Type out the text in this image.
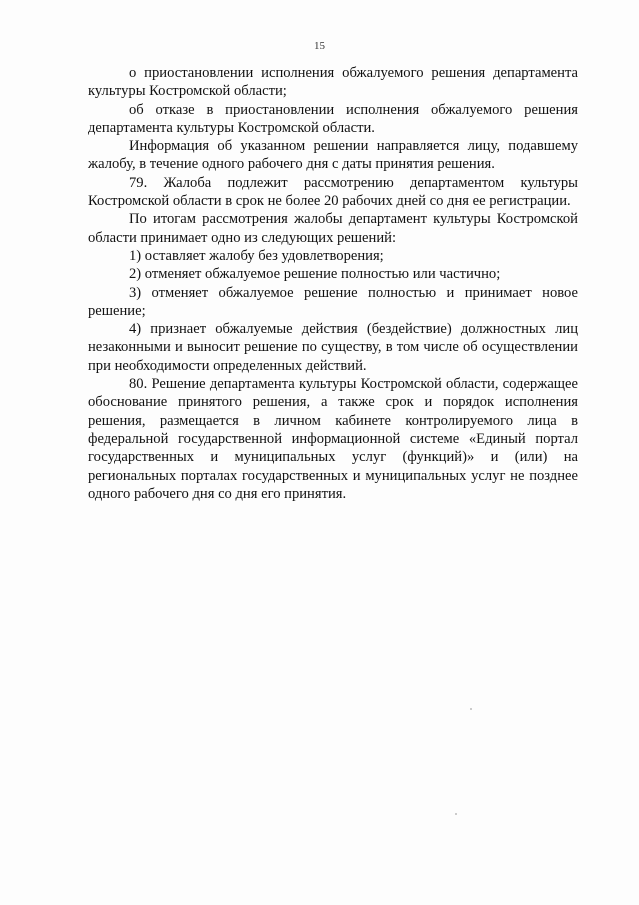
15

о приостановлении исполнения обжалуемого решения департамента культуры Костромской области;

об отказе в приостановлении исполнения обжалуемого решения департамента культуры Костромской области.

Информация об указанном решении направляется лицу, подавшему жалобу, в течение одного рабочего дня с даты принятия решения.

79. Жалоба подлежит рассмотрению департаментом культуры Костромской области в срок не более 20 рабочих дней со дня ее регистрации.

По итогам рассмотрения жалобы департамент культуры Костромской области принимает одно из следующих решений:

1) оставляет жалобу без удовлетворения;

2) отменяет обжалуемое решение полностью или частично;

3) отменяет обжалуемое решение полностью и принимает новое решение;

4) признает обжалуемые действия (бездействие) должностных лиц незаконными и выносит решение по существу, в том числе об осуществлении при необходимости определенных действий.

80. Решение департамента культуры Костромской области, содержащее обоснование принятого решения, а также срок и порядок исполнения решения, размещается в личном кабинете контролируемого лица в федеральной государственной информационной системе «Единый портал государственных и муниципальных услуг (функций)» и (или) на региональных порталах государственных и муниципальных услуг не позднее одного рабочего дня со дня его принятия.
